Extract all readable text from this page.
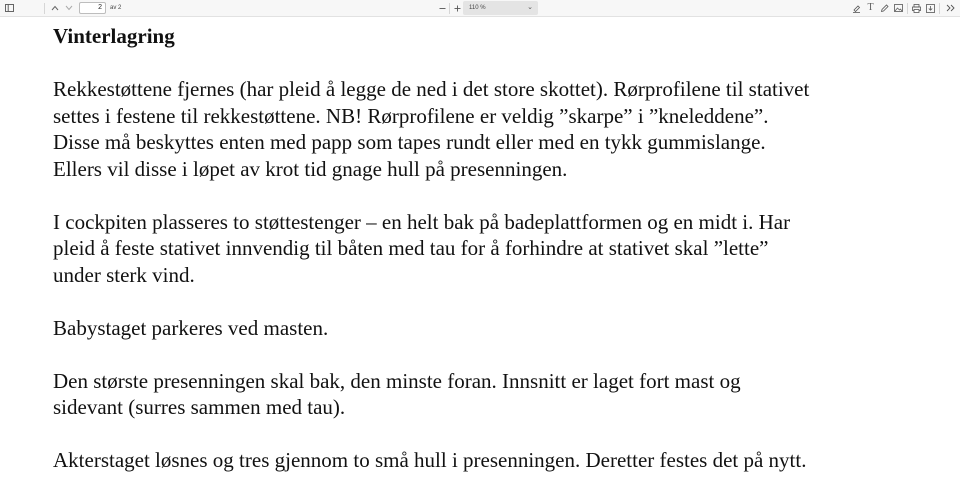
2	av 2	110 %	⌄	T
Vinterlagring
Rekkestøttene fjernes (har pleid å legge de ned i det store skottet). Rørprofilene til stativet
settes i festene til rekkestøttene. NB! Rørprofilene er veldig ”skarpe” i ”kneleddene”.
Disse må beskyttes enten med papp som tapes rundt eller med en tykk gummislange.
Ellers vil disse i løpet av krot tid gnage hull på presenningen.
I cockpiten plasseres to støttestenger – en helt bak på badeplattformen og en midt i. Har
pleid å feste stativet innvendig til båten med tau for å forhindre at stativet skal ”lette”
under sterk vind.
Babystaget parkeres ved masten.
Den største presenningen skal bak, den minste foran. Innsnitt er laget fort mast og
sidevant (surres sammen med tau).
Akterstaget løsnes og tres gjennom to små hull i presenningen. Deretter festes det på nytt.
